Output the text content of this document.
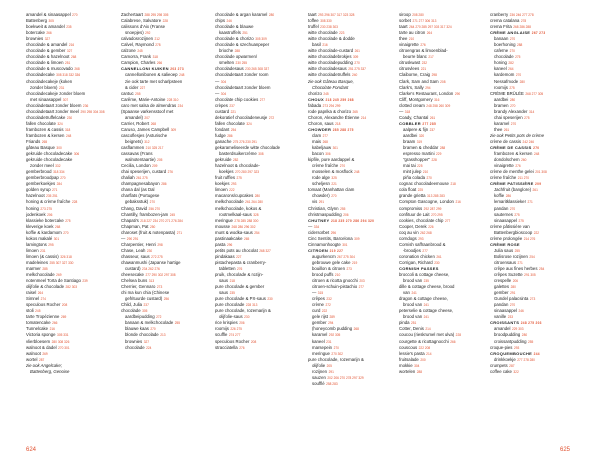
amandel & sinaasappel 270
Battenberg 305
boekweit & amandel 235
botercake 266
brownies 327
chocolade & amandel 216
chocolade & gember 327
chocolade & hazelnoot 268
chocolade & limoen 251
chocolade & muscovado 268
chocoladecake 308 318 332 336
chocoladecakeje (koken
zonder bloem) 231
chocoladecakeje zonder bloem
met sinaasappel 307
chocoladetaart zonder bloem 236
chocoladetaart zonder meel 290 298 304 308
chocoladetruffelcake 230
fallen chocolate 324
frambozen & cassis 318
frambozen & kersen 248
Friands 265
gâteau Basque 300
gekruide chocoladecake 306
gekruide chocoladecake
zonder meel 332
gemberbrood 318 334
gemberbroodpap 270
gemberkoekjes 284
golden syrup 271
hazelnoot 235 251
honing & crème fraîche 228
honing 273 275
jodenkoek 206
klassieke botercake 275
kleverige koek 268
koffie & kardamom 270
kokos makalé 301
lamingtons 295
limoen 231
limoen (& cassis) 326 318
madeleines 255 307 327 330
marmer 285
melkchocolade 269
notenmeel Torta de Santiago 239
olijfolie & chocolade 282 303
raisel 264
Simnel 274
speculoos Rocher 208
stoli 245
tarte Tropézienne 269
tomatencake 266
Tunnelcake 216
Victoria sponge 305 331
vlierbloesem 280 308 326
walnoot & dadel 270 301
walnoot 269
wortel 287
zie ook Angelcake;
Battenberg, Genoise
Zachertaart 288 295 298 305
Calabrese, Salvatore 228
calissons d'Aix (Franse
snoepjes) 292
calvadosrozijnen 212
Calvel, Raymond 278
calzone 245
Camorra, Frank 318
Campion, Charles 266
CANNELLONI KUIKEN 203 273
cannellonibonen & salieoep 248
zie ook tarte met scharlpsteen
& cider 227
cantuc 255
Carême, Marie-Antoine 228 310
caro met salsa de almendras 234
(Spaanse varkensstoof met
amandel) 207
Carrier, Robert 268
Caruso, James Campbell 309
cascoflesjes (Asturische
beignets) 312
casflammen 210 325 217
cassavas (Frans
walnotentaartie) 205
Cecilia, London 209
chai speserijen, custard 276
chaliah 261 275
champagnesabayon 286
chana dal (as Dal
charflats (Portugese
gebaksstuk) 270
Chang, David 256 270
Chantilly, frambozen-jam 245
Chapati's 218 227 234 270 271 276 284
Chapman, Pat 250
charoset (fruit & notenpasta) 271
— 290 291
Charpentier, Henri 298
Chase, Leah 230
chasseur, saus 272 275
chawanmushi (Japanse hartige
custard) 234 262 276
cheesecake 277 290 302 297 308
Chelsea buns 313
Cherrier, Gennaro 273
chi ma kun chia (Chinese
gefrituurde custard) 256
Child, Julia 237
chocolade 305
aardbeipudding 272
banaan & melkchocolade 255
blauwe kaas 270
blonde chocolade 213
brownies 327
chocolade 224
chocolade & argan karamel 280
chips 246
chocolade & blauwe
kaastruffels 251
chocolade & chorizo 305 309
chocolade & szechuanpeper
brioche 288
chocolade opwarmen/
smelten 230 255
chocoladesaus 230 265 308 337
chocoladetaart zonder room
— 304
chocoladetaart zonder bloem
— 304
chocolate chip cookies 277
crèpes 237
custard 221
dekoratief chocoladeneusje 272
fallen chocolate 324
fondant 254
fudge 286
ganache 275 276 230 291
gekarameliseerde witte chocolade
basterdsuikercrème 308
gekruide 282
hazelnoot & chocolade-
koekjes 270 280 297 323
fruit ruffles 275
koekjes 293
limoen 222
macarons/cupcakes 280
melkchocolade 261 264 280
melkchocolade, kokos &
rootmelkaal-saus 328
meringue 278 285 288 300
mousse 268 286 296 302
munt & wodka-saus 254
pastinaakcake 265
pasta 296
petits pots au chocolat 268 327
pindakaas 227
pistachepasta & cranberry-
tabletten 276
pruik, chocolade & rozijn-
saus 218
pure chocolade & gember
saus 235
pure chocolade & PX-saus 230
pure chocolade 228 313
pure chocolade, rozemarijn &
olijfolie-saus 230
rice krispies 206
roomijs 226 275
scuffle 274 277
speculoos Rocher 208
stracciatella 276
taart 293 296 307 317 323 328
toffee 308 330
truffel 230 238 303
witte chocolade 223
witte chocolade & dodde
basil 216
witte chocolade-custard 261
witte chocoladebrokjes 309
witte chocoladepudding 270
witte chocoladesaus 251 275 337
witte chocoladetruffels 240
zie ook Gâteau Basque,
Chocolate Fondant
chorizo 245
CHOUX 218 245 259 268
fabada 273 294 299
rode paprika & chorizo 265
Choron, Alexandre Étienne 214
Choron, saus 218
CHOWDER 285 288 275
clam 277
mais 268
kabeljauw 301
bacon 306
kipfile, pure aardappel &
crème fraîche 270
mosselen & mosflock 248
rode alge 325
scheljesn 221
tomaat (Manhattan clam
chowder) 270
vis 291
Christian, Glynn 255
christmaspudding 206
CHUTNEY 218 235 270 286 294 320
— 334
cidersorbet 296
Cinc Sentits, Barcelona 309
Cinnamonhoogte 301
CITROEN 219 227
augurkencm 267 275 304
gebrouwe gele cake 219
bouillon & citroen 273
brood puffs 210
citroen & ricotta gnocchi 203
citroen-schuin-pistachio 277
— 315
crêpes 232
crème 272
curd 222
gele rijst 289
gember 294
(honeycomb pudding 268
karamel 292 305
kaneel 231
marsepein 270
meringue 270 302
pure chocolade, rozemarijn &
olijfolie 205
rozijnen 291
sauzen 202 206 270 278 297 329
soufflé 258 283
siroop 208 280
sorbet 271 277 306 313
taart 264 270 285 297 303 317 324
tarte au citron 264
thee 210
vinaigrette 276
citroengras & limoenblad-
beurre blanc 217
citruskwast 232
citrusvlees 221
Claiborne, Craig 298
Clark, Sam and Sam 208
Clark's, Sally 294
Clarke's Restaurant, London 290
Cliff, Montgomery 316
clotted cream 248 258 260 309
— 318
Coady, Chantal 261
COBBLER 277 285
aalpere & fijn 237
aardbei 320
braam 319
bramen & cheddar 288
espresso martini 229
"grasshopper" 228
mai tai 225
mint julep 210
piña colada 270
cognac chocoladeemouse 218
cola float 225
grande grietta 313 285 283
Compton Gascogne, London 216
compromiss 292 287 299
confituur de Lait 270 295
cookies, chocolate chip 277
Cooper, Derek 226
coq au vin 262 268
corndogs 293
Cornish saffraanbrood &
-broodjes 277
coronation chicken 261
Corrigan, Richard 230
CORNISH PASSES
broccoli & cottage cheese,
brood van 235
dille & cottage cheese, brood
van 241
dragon & cottage cheese,
brood van 241
peterselie & cottage cheese,
brood van 241
pinda 251
Cotter, Denis 214
coucou (rieskrumel met ulva) 228
courgette & ricottagnocchi 266
couscous 222 208
lessie's pasta 214
fruitsalade 200
mokkie 304
wortelen 288
cranberry 236 246 277 278
crema catalana 278
crema Frita 268 286 288
CRÈME ANGLAISE 267 273
banaan 270
boerhoning 288
cafeïne 270
chocolade 275
honing 282
kaneel 264
kardemom 270
Nessafmode 280
roomijs 275
CRÈME BRÛLÉE 268 277 305
aardbei 280
bramen 270
brandy Alexander 314
chai speserijen 275
karamel 270
thee 261
zie ook Petits pots de crème
crème de cassis 242 246
CRÈME DE CASSIS 270
frambozen & kersen 248
dondolschem 260
vinaigrette 276
crème de menthe gelei 201 308
crème fraîche 211 270
CRÈME PATISSIÈRE 209
Jachfruit (banglore) 261
koffie 286
lemaritklassieker 271
pandan 270
sauternes 275
sinaasappel 275
crème pâtissière van
Battenbergbioscoop 222
crème prolongée 214 276
CRÈME ROSE
Julia saus 255
Bolisrose rozijnen 254
citroensaus 271
crêpe aux fines herbes 254
crêpes Suzette 291 305
crespelle 206
galettes 280
gember 291
Gundel palacsinta 273
pandan 270
sinaasappel 246
vanille 233
CROISSANTS 248 275 203
amandel 229 303
broodpudding 280
croissantpudding 255
croque-pies 293
CROQUEMBOUCHE 244
drinkkoekje 277 278 280
crumpets 287
coffee cake 322
624	625
